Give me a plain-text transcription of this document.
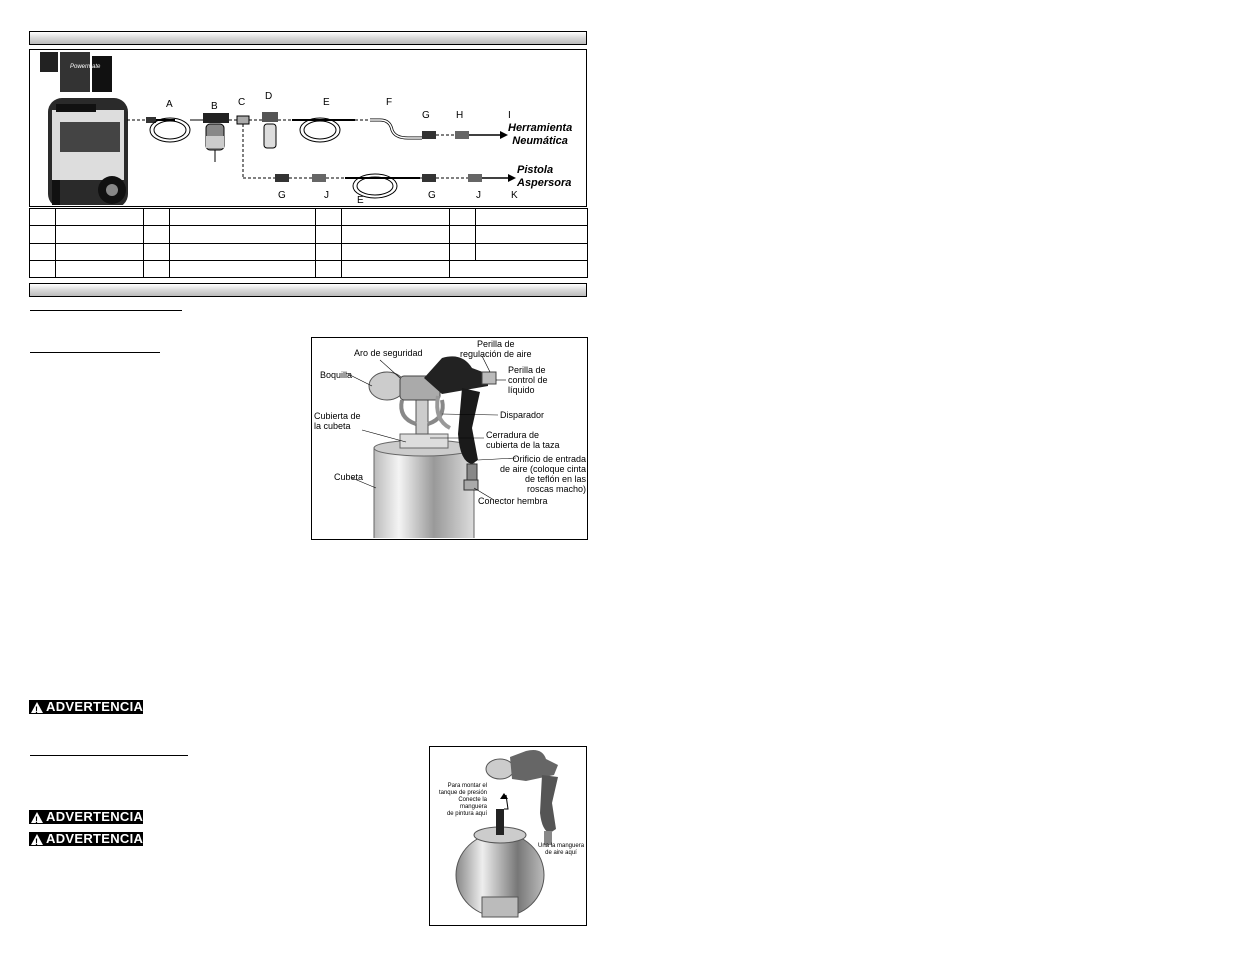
Powermate
A	B C
D
E	F
G	H	I
Herramienta
Neumática
Pistola
Aspersora
G	J	E	G	J	K

Aro de seguridad
Perilla de
regulación de aire
Boquilla	Perilla de
control de
líquido
Disparador
Cubierta de
la cubeta
Cerradura de
cubierta de la taza
Orificio de entrada
de aire (coloque cinta
de teflón en las
roscas macho)
Cubeta
Conector hembra
!
ADVERTENCIA
!
ADVERTENCIA
!
ADVERTENCIA
Para montar el
tanque de presión
Conecte la manguera
de pintura aquí
Una la manguera
de aire aquí
